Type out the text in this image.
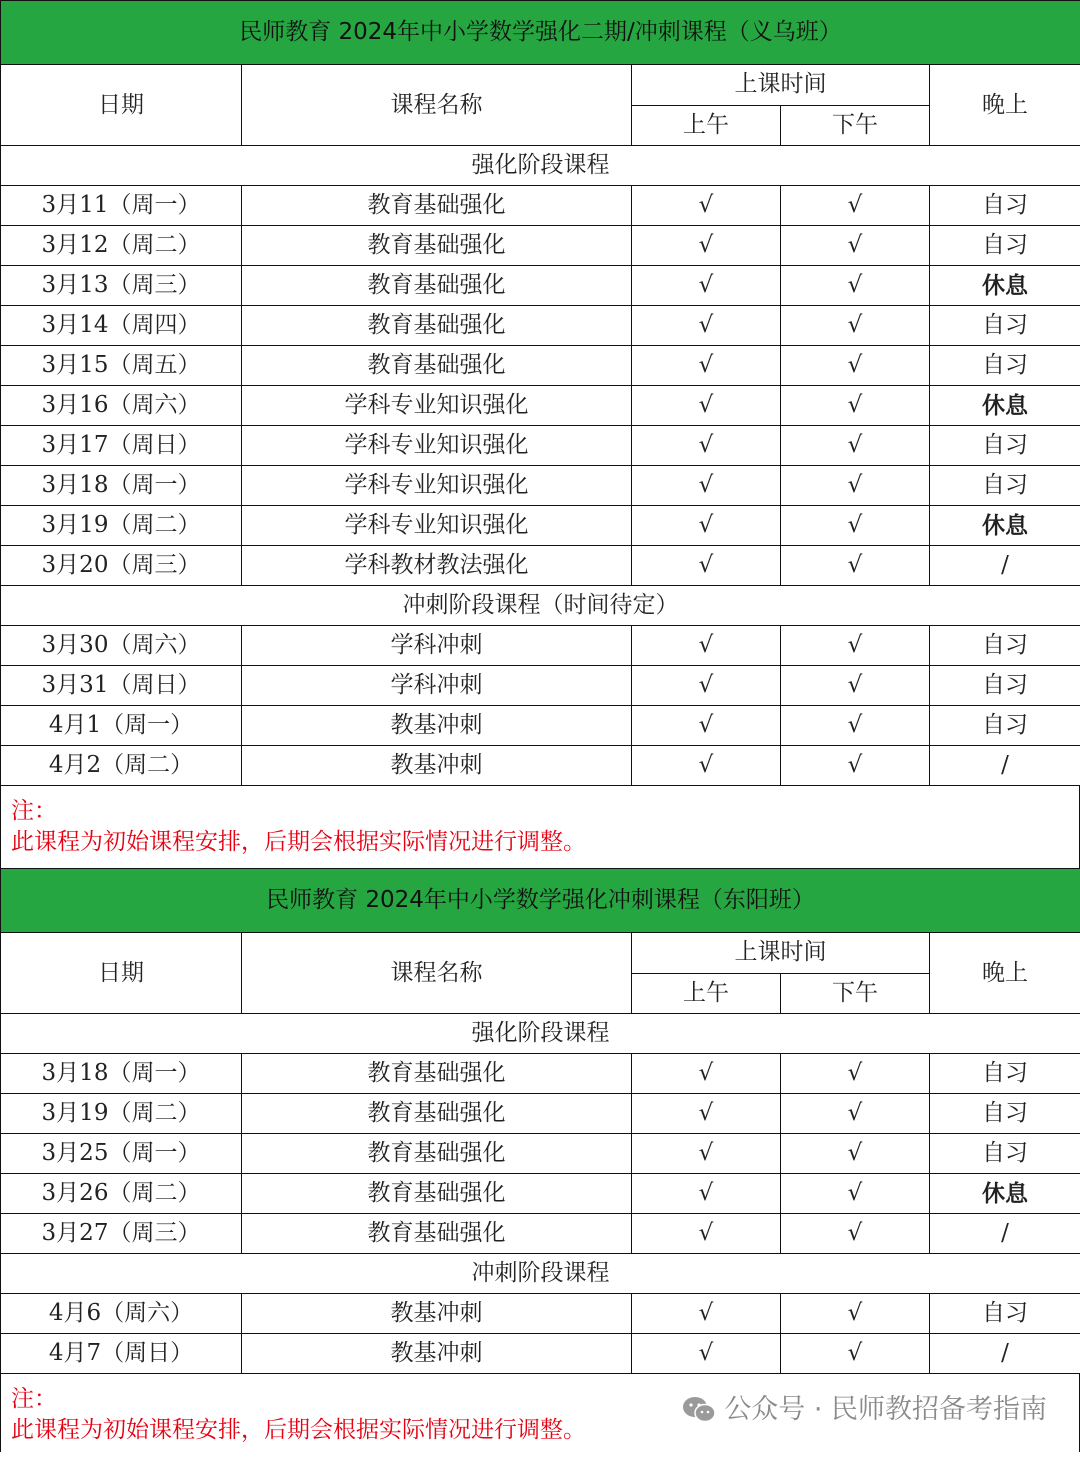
民师教育 2024年中小学数学强化二期/冲刺课程（义乌班）				
日期	课程名称	上课时间		晚上
		上午	下午	
强化阶段课程				
3月11（周一）	教育基础强化	√	√	自习
3月12（周二）	教育基础强化	√	√	自习
3月13（周三）	教育基础强化	√	√	休息
3月14（周四）	教育基础强化	√	√	自习
3月15（周五）	教育基础强化	√	√	自习
3月16（周六）	学科专业知识强化	√	√	休息
3月17（周日）	学科专业知识强化	√	√	自习
3月18（周一）	学科专业知识强化	√	√	自习
3月19（周二）	学科专业知识强化	√	√	休息
3月20（周三）	学科教材教法强化	√	√	/
冲刺阶段课程（时间待定）				
3月30（周六）	学科冲刺	√	√	自习
3月31（周日）	学科冲刺	√	√	自习
4月1（周一）	教基冲刺	√	√	自习
4月2（周二）	教基冲刺	√	√	/
注：
此课程为初始课程安排，后期会根据实际情况进行调整。
民师教育 2024年中小学数学强化冲刺课程（东阳班）				
日期	课程名称	上课时间		晚上
		上午	下午	
强化阶段课程				
3月18（周一）	教育基础强化	√	√	自习
3月19（周二）	教育基础强化	√	√	自习
3月25（周一）	教育基础强化	√	√	自习
3月26（周二）	教育基础强化	√	√	休息
3月27（周三）	教育基础强化	√	√	/
冲刺阶段课程				
4月6（周六）	教基冲刺	√	√	自习
4月7（周日）	教基冲刺	√	√	/
注：
此课程为初始课程安排，后期会根据实际情况进行调整。
公众号 · 民师教招备考指南
